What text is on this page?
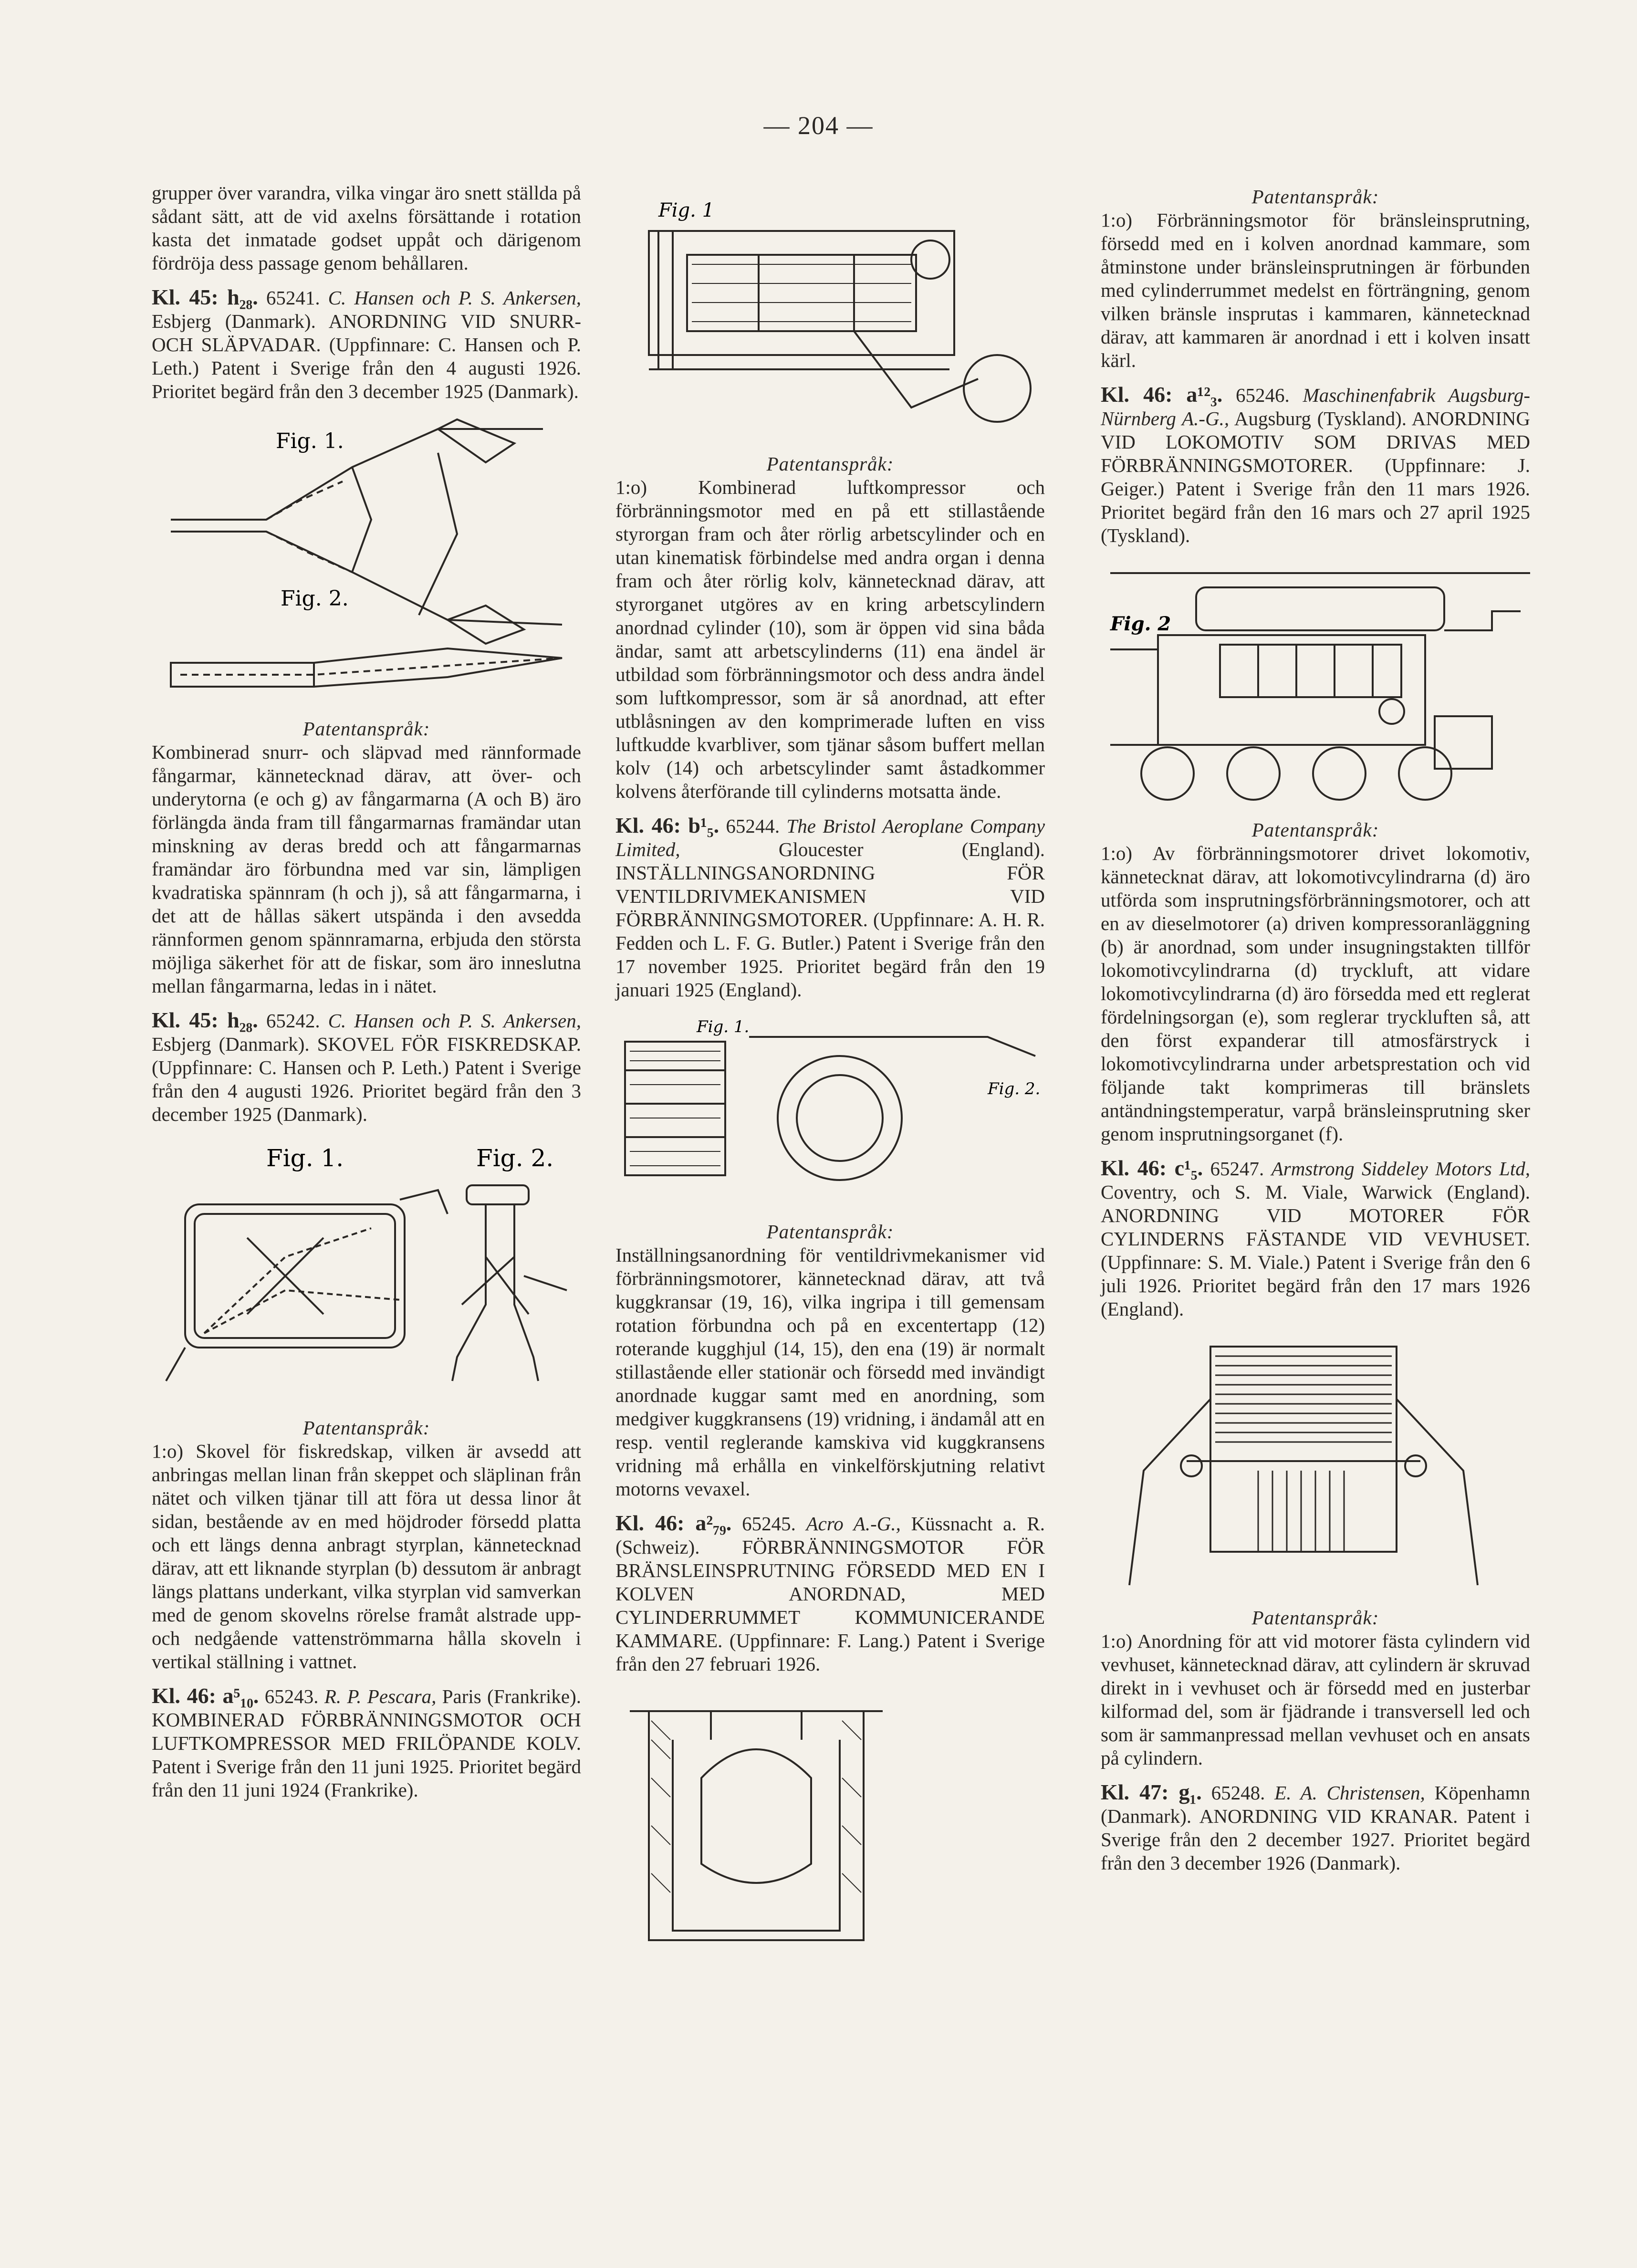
— 204 —

grupper över varandra, vilka vingar äro snett ställda på sådant sätt, att de vid axelns försättande i rotation kasta det inmatade godset uppåt och därigenom fördröja dess passage genom behållaren.

Kl. 45: h₂₈. 65241. C. Hansen och P. S. Ankersen, Esbjerg (Danmark). ANORDNING VID SNURR- OCH SLÄPVADAR. (Uppfinnare: C. Hansen och P. Leth.) Patent i Sverige från den 4 augusti 1926. Prioritet begärd från den 3 december 1925 (Danmark).

Fig. 1.
Fig. 2.

Patentanspråk:

Kombinerad snurr- och släpvad med rännformade fångarmar, kännetecknad därav, att över- och underytorna (e och g) av fångarmarna (A och B) äro förlängda ända fram till fångarmarnas framändar utan minskning av deras bredd och att fångarmarnas framändar äro förbundna med var sin, lämpligen kvadratiska spännram (h och j), så att fångarmarna, i det att de hållas säkert utspända i den avsedda rännformen genom spännramarna, erbjuda den största möjliga säkerhet för att de fiskar, som äro inneslutna mellan fångarmarna, ledas in i nätet.

Kl. 45: h₂₈. 65242. C. Hansen och P. S. Ankersen, Esbjerg (Danmark). SKOVEL FÖR FISKREDSKAP. (Uppfinnare: C. Hansen och P. Leth.) Patent i Sverige från den 4 augusti 1926. Prioritet begärd från den 3 december 1925 (Danmark).

Fig. 1.	Fig. 2.

Patentanspråk:

1:o) Skovel för fiskredskap, vilken är avsedd att anbringas mellan linan från skeppet och släplinan från nätet och vilken tjänar till att föra ut dessa linor åt sidan, bestående av en med höjdroder försedd platta och ett längs denna anbragt styrplan, kännetecknad därav, att ett liknande styrplan (b) dessutom är anbragt längs plattans underkant, vilka styrplan vid samverkan med de genom skovelns rörelse framåt alstrade upp- och nedgående vattenströmmarna hålla skoveln i vertikal ställning i vattnet.

Kl. 46: a⁵₁₀. 65243. R. P. Pescara, Paris (Frankrike). KOMBINERAD FÖRBRÄNNINGSMOTOR OCH LUFTKOMPRESSOR MED FRILÖPANDE KOLV. Patent i Sverige från den 11 juni 1925. Prioritet begärd från den 11 juni 1924 (Frankrike).

Fig. 1

Patentanspråk:

1:o) Kombinerad luftkompressor och förbränningsmotor med en på ett stillastående styrorgan fram och åter rörlig arbetscylinder och en utan kinematisk förbindelse med andra organ i denna fram och åter rörlig kolv, kännetecknad därav, att styrorganet utgöres av en kring arbetscylindern anordnad cylinder (10), som är öppen vid sina båda ändar, samt att arbetscylinderns (11) ena ändel är utbildad som förbränningsmotor och dess andra ändel som luftkompressor, som är så anordnad, att efter utblåsningen av den komprimerade luften en viss luftkudde kvarbliver, som tjänar såsom buffert mellan kolv (14) och arbetscylinder samt åstadkommer kolvens återförande till cylinderns motsatta ände.

Kl. 46: b¹₅. 65244. The Bristol Aeroplane Company Limited,	Gloucester (England). INSTÄLLNINGSANORDNING FÖR VENTILDRIVMEKANISMEN VID FÖRBRÄNNINGSMOTORER. (Uppfinnare: A. H. R. Fedden och L. F. G. Butler.) Patent i Sverige från den 17 november 1925. Prioritet begärd från den 19 januari 1925 (England).

Fig. 1.
Fig. 2.

Patentanspråk:

Inställningsanordning för ventildrivmekanismer vid förbränningsmotorer, kännetecknad därav, att två kuggkransar (19, 16), vilka ingripa i till gemensam rotation förbundna och på en excentertapp (12) roterande kugghjul (14, 15), den ena (19) är normalt stillastående eller stationär och försedd med invändigt anordnade kuggar samt med en anordning, som medgiver kuggkransens (19) vridning, i ändamål att en resp. ventil reglerande kamskiva vid kuggkransens vridning må erhålla en vinkelförskjutning relativt motorns vevaxel.

Kl. 46: a²₇₉. 65245. Acro A.-G., Küssnacht a. R. (Schweiz). FÖRBRÄNNINGSMOTOR FÖR BRÄNSLEINSPRUTNING FÖRSEDD MED EN I KOLVEN ANORDNAD, MED CYLINDERRUMMET KOMMUNICERANDE KAMMARE. (Uppfinnare: F. Lang.) Patent i Sverige från den 27 februari 1926.

Patentanspråk:

1:o) Förbränningsmotor för bränsleinsprutning, försedd med en i kolven anordnad kammare, som åtminstone under bränsleinsprutningen är förbunden med cylinderrummet medelst en förträngning, genom vilken bränsle insprutas i kammaren, kännetecknad därav, att kammaren är anordnad i ett i kolven insatt kärl.

Kl. 46: a¹²₃. 65246. Maschinenfabrik Augsburg-Nürnberg A.-G., Augsburg (Tyskland). ANORDNING VID LOKOMOTIV SOM DRIVAS MED FÖRBRÄNNINGSMOTORER. (Uppfinnare: J. Geiger.) Patent i Sverige från den 11 mars 1926. Prioritet begärd från den 16 mars och 27 april 1925 (Tyskland).

Fig. 2

Patentanspråk:

1:o) Av förbränningsmotorer drivet lokomotiv, kännetecknat därav, att lokomotivcylindrarna (d) äro utförda som insprutningsförbränningsmotorer, och att en av dieselmotorer (a) driven kompressoranläggning (b) är anordnad, som under insugningstakten tillför lokomotivcylindrarna (d) tryckluft, att vidare lokomotivcylindrarna (d) äro försedda med ett reglerat fördelningsorgan (e), som reglerar tryckluften så, att den först expanderar till atmosfärstryck i lokomotivcylindrarna under arbetsprestation och vid följande takt komprimeras till bränslets antändningstemperatur, varpå bränsleinsprutning sker genom insprutningsorganet (f).

Kl. 46: c¹₅. 65247. Armstrong Siddeley Motors Ltd, Coventry, och S. M. Viale, Warwick (England). ANORDNING VID MOTORER FÖR CYLINDERNS FÄSTANDE VID VEVHUSET. (Uppfinnare: S. M. Viale.) Patent i Sverige från den 6 juli 1926. Prioritet begärd från den 17 mars 1926 (England).

Patentanspråk:

1:o) Anordning för att vid motorer fästa cylindern vid vevhuset, kännetecknad därav, att cylindern är skruvad direkt in i vevhuset och är försedd med en justerbar kilformad del, som är fjädrande i transversell led och som är sammanpressad mellan vevhuset och en ansats på cylindern.

Kl. 47: g₁. 65248. E. A. Christensen, Köpenhamn (Danmark). ANORDNING VID KRANAR. Patent i Sverige från den 2 december 1927. Prioritet begärd från den 3 december 1926 (Danmark).
